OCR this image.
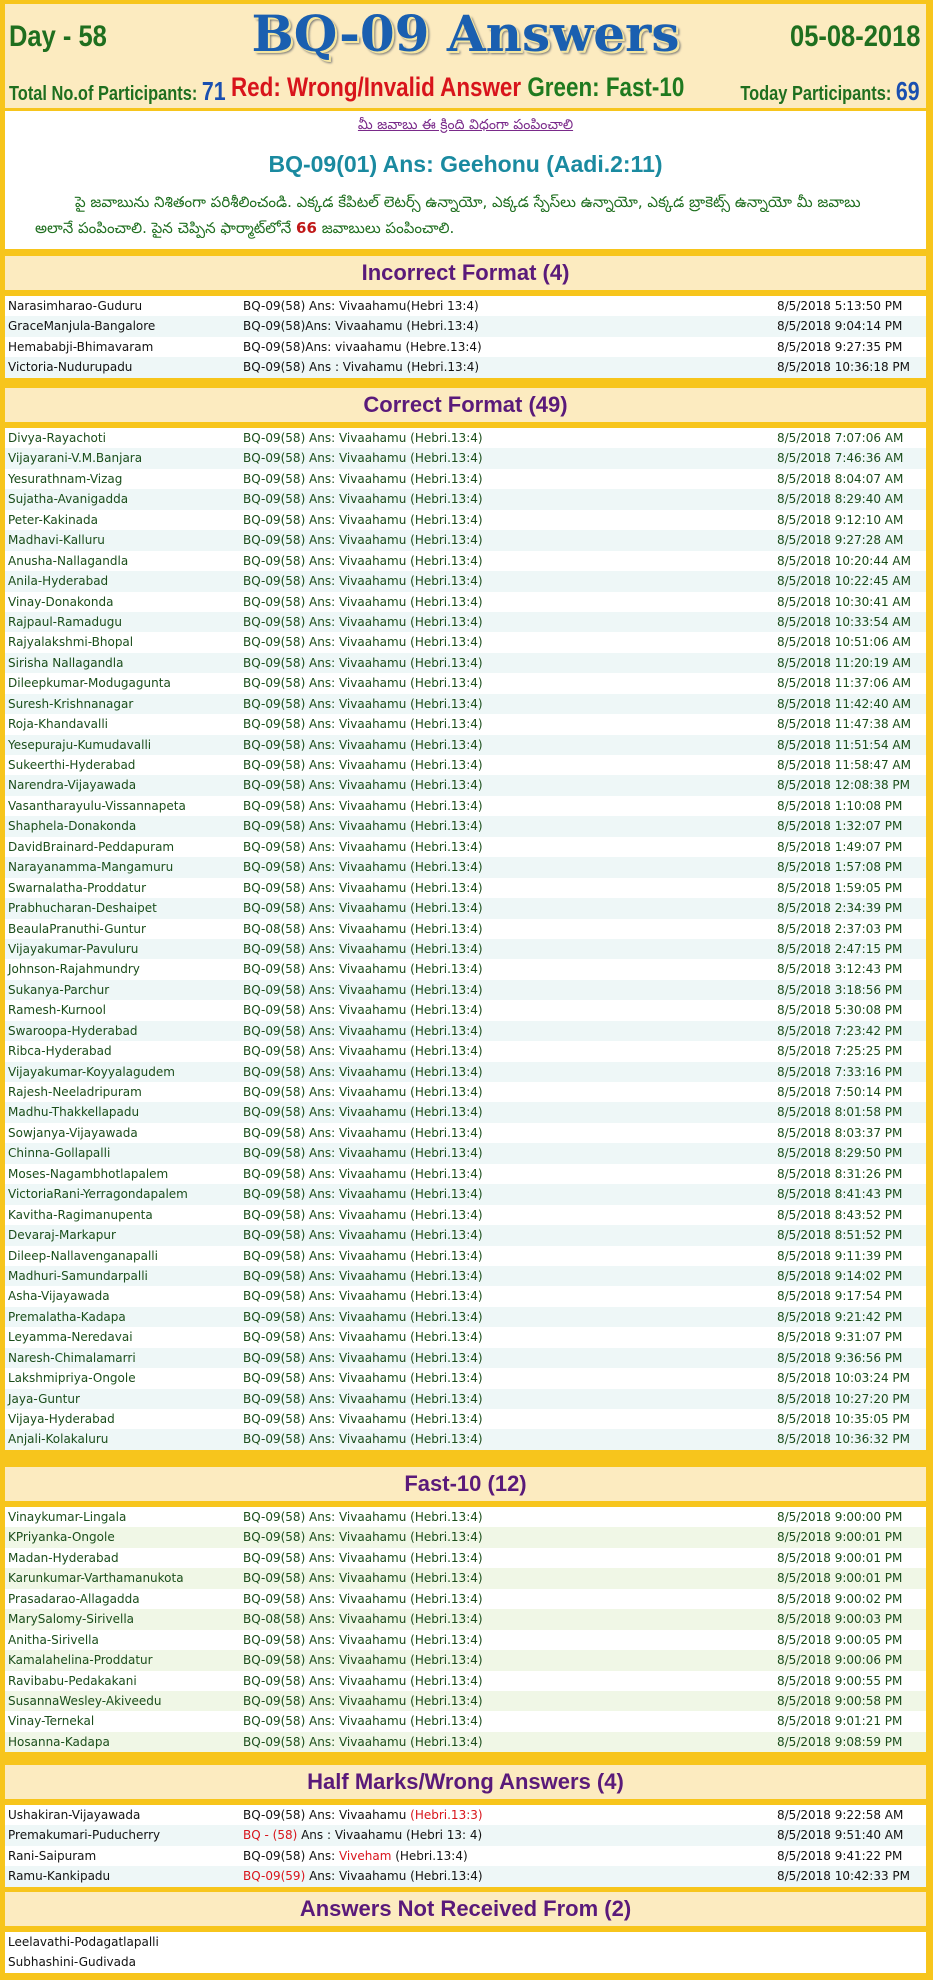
Day - 58	BQ-09 Answers	05-08-2018
Total No.of Participants: 71 Red: Wrong/Invalid Answer Green: Fast-10	Today Participants: 69
మీ జవాబు ఈ క్రింది విధంగా పంపించాలి
BQ-09(01) Ans: Geehonu (Aadi.2:11)
పై జవాబును నిశితంగా పరిశీలించండి. ఎక్కడ కేపిటల్ లెటర్స్ ఉన్నాయో, ఎక్కడ స్పేస్‌లు ఉన్నాయో, ఎక్కడ బ్రాకెట్స్ ఉన్నాయో మీ జవాబు అలానే పంపించాలి. పైన చెప్పిన ఫార్మాట్‌లోనే 66 జవాబులు పంపించాలి.
Incorrect Format (4)
Narasimharao-Guduru	BQ-09(58) Ans: Vivaahamu(Hebri 13:4)	8/5/2018 5:13:50 PM
GraceManjula-Bangalore	BQ-09(58)Ans: Vivaahamu (Hebri.13:4)	8/5/2018 9:04:14 PM
Hemababji-Bhimavaram	BQ-09(58)Ans: vivaahamu (Hebre.13:4)	8/5/2018 9:27:35 PM
Victoria-Nudurupadu	BQ-09(58) Ans : Vivahamu (Hebri.13:4)	8/5/2018 10:36:18 PM
Correct Format (49)
Divya-Rayachoti	BQ-09(58) Ans: Vivaahamu (Hebri.13:4)	8/5/2018 7:07:06 AM
Vijayarani-V.M.Banjara	BQ-09(58) Ans: Vivaahamu (Hebri.13:4)	8/5/2018 7:46:36 AM
Yesurathnam-Vizag	BQ-09(58) Ans: Vivaahamu (Hebri.13:4)	8/5/2018 8:04:07 AM
Sujatha-Avanigadda	BQ-09(58) Ans: Vivaahamu (Hebri.13:4)	8/5/2018 8:29:40 AM
Peter-Kakinada	BQ-09(58) Ans: Vivaahamu (Hebri.13:4)	8/5/2018 9:12:10 AM
Madhavi-Kalluru	BQ-09(58) Ans: Vivaahamu (Hebri.13:4)	8/5/2018 9:27:28 AM
Anusha-Nallagandla	BQ-09(58) Ans: Vivaahamu (Hebri.13:4)	8/5/2018 10:20:44 AM
Anila-Hyderabad	BQ-09(58) Ans: Vivaahamu (Hebri.13:4)	8/5/2018 10:22:45 AM
Vinay-Donakonda	BQ-09(58) Ans: Vivaahamu (Hebri.13:4)	8/5/2018 10:30:41 AM
Rajpaul-Ramadugu	BQ-09(58) Ans: Vivaahamu (Hebri.13:4)	8/5/2018 10:33:54 AM
Rajyalakshmi-Bhopal	BQ-09(58) Ans: Vivaahamu (Hebri.13:4)	8/5/2018 10:51:06 AM
Sirisha Nallagandla	BQ-09(58) Ans: Vivaahamu (Hebri.13:4)	8/5/2018 11:20:19 AM
Dileepkumar-Modugagunta	BQ-09(58) Ans: Vivaahamu (Hebri.13:4)	8/5/2018 11:37:06 AM
Suresh-Krishnanagar	BQ-09(58) Ans: Vivaahamu (Hebri.13:4)	8/5/2018 11:42:40 AM
Roja-Khandavalli	BQ-09(58) Ans: Vivaahamu (Hebri.13:4)	8/5/2018 11:47:38 AM
Yesepuraju-Kumudavalli	BQ-09(58) Ans: Vivaahamu (Hebri.13:4)	8/5/2018 11:51:54 AM
Sukeerthi-Hyderabad	BQ-09(58) Ans: Vivaahamu (Hebri.13:4)	8/5/2018 11:58:47 AM
Narendra-Vijayawada	BQ-09(58) Ans: Vivaahamu (Hebri.13:4)	8/5/2018 12:08:38 PM
Vasantharayulu-Vissannapeta	BQ-09(58) Ans: Vivaahamu (Hebri.13:4)	8/5/2018 1:10:08 PM
Shaphela-Donakonda	BQ-09(58) Ans: Vivaahamu (Hebri.13:4)	8/5/2018 1:32:07 PM
DavidBrainard-Peddapuram	BQ-09(58) Ans: Vivaahamu (Hebri.13:4)	8/5/2018 1:49:07 PM
Narayanamma-Mangamuru	BQ-09(58) Ans: Vivaahamu (Hebri.13:4)	8/5/2018 1:57:08 PM
Swarnalatha-Proddatur	BQ-09(58) Ans: Vivaahamu (Hebri.13:4)	8/5/2018 1:59:05 PM
Prabhucharan-Deshaipet	BQ-09(58) Ans: Vivaahamu (Hebri.13:4)	8/5/2018 2:34:39 PM
BeaulaPranuthi-Guntur	BQ-08(58) Ans: Vivaahamu (Hebri.13:4)	8/5/2018 2:37:03 PM
Vijayakumar-Pavuluru	BQ-09(58) Ans: Vivaahamu (Hebri.13:4)	8/5/2018 2:47:15 PM
Johnson-Rajahmundry	BQ-09(58) Ans: Vivaahamu (Hebri.13:4)	8/5/2018 3:12:43 PM
Sukanya-Parchur	BQ-09(58) Ans: Vivaahamu (Hebri.13:4)	8/5/2018 3:18:56 PM
Ramesh-Kurnool	BQ-09(58) Ans: Vivaahamu (Hebri.13:4)	8/5/2018 5:30:08 PM
Swaroopa-Hyderabad	BQ-09(58) Ans: Vivaahamu (Hebri.13:4)	8/5/2018 7:23:42 PM
Ribca-Hyderabad	BQ-09(58) Ans: Vivaahamu (Hebri.13:4)	8/5/2018 7:25:25 PM
Vijayakumar-Koyyalagudem	BQ-09(58) Ans: Vivaahamu (Hebri.13:4)	8/5/2018 7:33:16 PM
Rajesh-Neeladripuram	BQ-09(58) Ans: Vivaahamu (Hebri.13:4)	8/5/2018 7:50:14 PM
Madhu-Thakkellapadu	BQ-09(58) Ans: Vivaahamu (Hebri.13:4)	8/5/2018 8:01:58 PM
Sowjanya-Vijayawada	BQ-09(58) Ans: Vivaahamu (Hebri.13:4)	8/5/2018 8:03:37 PM
Chinna-Gollapalli	BQ-09(58) Ans: Vivaahamu (Hebri.13:4)	8/5/2018 8:29:50 PM
Moses-Nagambhotlapalem	BQ-09(58) Ans: Vivaahamu (Hebri.13:4)	8/5/2018 8:31:26 PM
VictoriaRani-Yerragondapalem	BQ-09(58) Ans: Vivaahamu (Hebri.13:4)	8/5/2018 8:41:43 PM
Kavitha-Ragimanupenta	BQ-09(58) Ans: Vivaahamu (Hebri.13:4)	8/5/2018 8:43:52 PM
Devaraj-Markapur	BQ-09(58) Ans: Vivaahamu (Hebri.13:4)	8/5/2018 8:51:52 PM
Dileep-Nallavenganapalli	BQ-09(58) Ans: Vivaahamu (Hebri.13:4)	8/5/2018 9:11:39 PM
Madhuri-Samundarpalli	BQ-09(58) Ans: Vivaahamu (Hebri.13:4)	8/5/2018 9:14:02 PM
Asha-Vijayawada	BQ-09(58) Ans: Vivaahamu (Hebri.13:4)	8/5/2018 9:17:54 PM
Premalatha-Kadapa	BQ-09(58) Ans: Vivaahamu (Hebri.13:4)	8/5/2018 9:21:42 PM
Leyamma-Neredavai	BQ-09(58) Ans: Vivaahamu (Hebri.13:4)	8/5/2018 9:31:07 PM
Naresh-Chimalamarri	BQ-09(58) Ans: Vivaahamu (Hebri.13:4)	8/5/2018 9:36:56 PM
Lakshmipriya-Ongole	BQ-09(58) Ans: Vivaahamu (Hebri.13:4)	8/5/2018 10:03:24 PM
Jaya-Guntur	BQ-09(58) Ans: Vivaahamu (Hebri.13:4)	8/5/2018 10:27:20 PM
Vijaya-Hyderabad	BQ-09(58) Ans: Vivaahamu (Hebri.13:4)	8/5/2018 10:35:05 PM
Anjali-Kolakaluru	BQ-09(58) Ans: Vivaahamu (Hebri.13:4)	8/5/2018 10:36:32 PM
Fast-10 (12)
Vinaykumar-Lingala	BQ-09(58) Ans: Vivaahamu (Hebri.13:4)	8/5/2018 9:00:00 PM
KPriyanka-Ongole	BQ-09(58) Ans: Vivaahamu (Hebri.13:4)	8/5/2018 9:00:01 PM
Madan-Hyderabad	BQ-09(58) Ans: Vivaahamu (Hebri.13:4)	8/5/2018 9:00:01 PM
Karunkumar-Varthamanukota	BQ-09(58) Ans: Vivaahamu (Hebri.13:4)	8/5/2018 9:00:01 PM
Prasadarao-Allagadda	BQ-09(58) Ans: Vivaahamu (Hebri.13:4)	8/5/2018 9:00:02 PM
MarySalomy-Sirivella	BQ-08(58) Ans: Vivaahamu (Hebri.13:4)	8/5/2018 9:00:03 PM
Anitha-Sirivella	BQ-09(58) Ans: Vivaahamu (Hebri.13:4)	8/5/2018 9:00:05 PM
Kamalahelina-Proddatur	BQ-09(58) Ans: Vivaahamu (Hebri.13:4)	8/5/2018 9:00:06 PM
Ravibabu-Pedakakani	BQ-09(58) Ans: Vivaahamu (Hebri.13:4)	8/5/2018 9:00:55 PM
SusannaWesley-Akiveedu	BQ-09(58) Ans: Vivaahamu (Hebri.13:4)	8/5/2018 9:00:58 PM
Vinay-Ternekal	BQ-09(58) Ans: Vivaahamu (Hebri.13:4)	8/5/2018 9:01:21 PM
Hosanna-Kadapa	BQ-09(58) Ans: Vivaahamu (Hebri.13:4)	8/5/2018 9:08:59 PM
Half Marks/Wrong Answers (4)
Ushakiran-Vijayawada	BQ-09(58) Ans: Vivaahamu (Hebri.13:3)	8/5/2018 9:22:58 AM
Premakumari-Puducherry	BQ - (58) Ans : Vivaahamu (Hebri 13: 4)	8/5/2018 9:51:40 AM
Rani-Saipuram	BQ-09(58) Ans: Viveham (Hebri.13:4)	8/5/2018 9:41:22 PM
Ramu-Kankipadu	BQ-09(59) Ans: Vivaahamu (Hebri.13:4)	8/5/2018 10:42:33 PM
Answers Not Received From (2)
Leelavathi-Podagatlapalli
Subhashini-Gudivada
